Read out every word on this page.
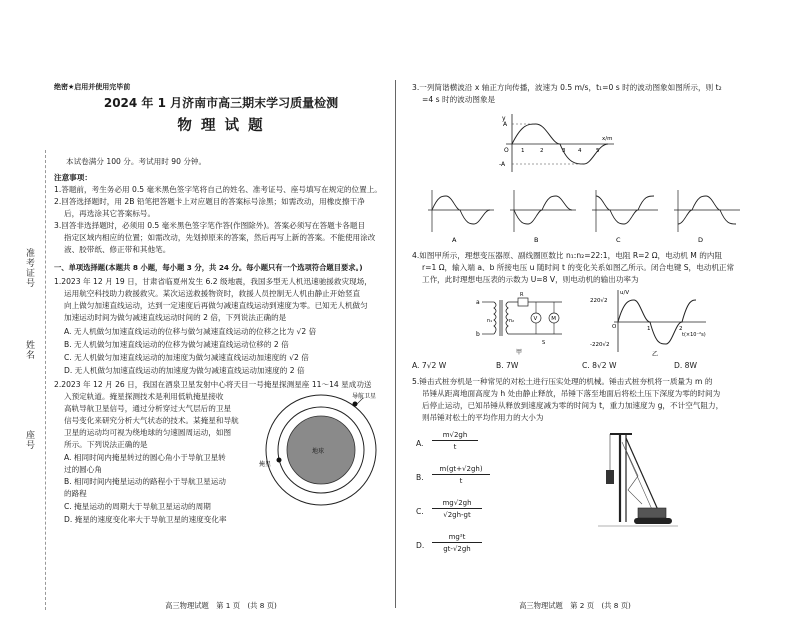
准考证号
姓名
座号
绝密★启用并使用完毕前
2024 年 1 月济南市高三期末学习质量检测
物 理 试 题
本试卷满分 100 分。考试用时 90 分钟。
注意事项：
1.答题前，考生务必用 0.5 毫米黑色签字笔将自己的姓名、准考证号、座号填写在规定的位置上。
2.回答选择题时，用 2B 铅笔把答题卡上对应题目的答案标号涂黑；如需改动，用橡皮擦干净
后，再选涂其它答案标号。
3.回答非选择题时，必须用 0.5 毫米黑色签字笔作答(作图除外)。答案必须写在答题卡各题目
指定区域内相应的位置；如需改动，先划掉原来的答案，然后再写上新的答案。不能使用涂改
液、胶带纸、修正带和其他笔。
一、单项选择题(本题共 8 小题，每小题 3 分，共 24 分。每小题只有一个选项符合题目要求。)
1.2023 年 12 月 19 日，甘肃省临夏州发生 6.2 级地震，我国多型无人机迅速驰援救灾现场，
运用航空科技助力救援救灾。某次运送救援物资时，救援人员控制无人机由静止开始竖直
向上做匀加速直线运动，达到一定速度后再做匀减速直线运动到速度为零。已知无人机做匀
加速运动时间为做匀减速直线运动时间的 2 倍，下列说法正确的是
A. 无人机做匀加速直线运动的位移与做匀减速直线运动的位移之比为 √2 倍
B. 无人机做匀加速直线运动的位移为做匀减速直线运动位移的 2 倍
C. 无人机做匀加速直线运动的加速度为做匀减速直线运动加速度的 √2 倍
D. 无人机做匀加速直线运动的加速度为做匀减速直线运动加速度的 2 倍
2.2023 年 12 月 26 日，我国在酒泉卫星发射中心将天目一号掩星探测星座 11～14 星成功送
入预定轨道。掩星探测技术是利用低轨掩星接收
高轨导航卫星信号，通过分析穿过大气层后的卫星
信号变化来研究分析大气状态的技术。某掩星和导航
卫星的运动均可视为绕地球的匀速圆周运动，如图
所示。下列说法正确的是
A. 相同时间内掩星转过的圆心角小于导航卫星转
过的圆心角
B. 相同时间内掩星运动的路程小于导航卫星运动
的路程
C. 掩星运动的周期大于导航卫星运动的周期
D. 掩星的速度变化率大于导航卫星的速度变化率
导航卫星
掩星
地球
高三物理试题　第 1 页　(共 8 页)
3.一列简谐横波沿 x 轴正方向传播，波速为 0.5 m/s，t₁=0 s 时的波动图象如图所示，则 t₂
=4 s 时的波动图象是
y
x/m
A
-A
O 1	2	3 4	5
A	B	C	D
4.如图甲所示，理想变压器原、副线圈匝数比 n₁:n₂=22:1，电阻 R=2 Ω，电动机 M 的内阻
r=1 Ω，输入端 a、b 所接电压 u 随时间 t 的变化关系如图乙所示。闭合电键 S，电动机正常
工作，此时理想电压表的示数为 U=8 V，则电动机的输出功率为
a
b
n₁	n₂
R
V	M
S
甲
u/V
220√2
-220√2
O	1	2
t(×10⁻²s)
乙
A. 7√2 W	B. 7W	C. 8√2 W	D. 8W
5.锤击式桩夯机是一种常见的对松土进行压实处理的机械。锤击式桩夯机将一质量为 m 的
吊锤从距离地面高度为 h 处由静止释放，吊锤下落至地面后将松土压下深度为零的时间为
后停止运动，已知吊锤从释放到速度减为零的时间为 t，重力加速度为 g，不计空气阻力，
则吊锤对松土的平均作用力的大小为
A.
m√2gh
t
B.
m(gt+√2gh)
t
C.
mg√2gh
√2gh-gt
D.
mg²t
gt-√2gh
高三物理试题　第 2 页　(共 8 页)
